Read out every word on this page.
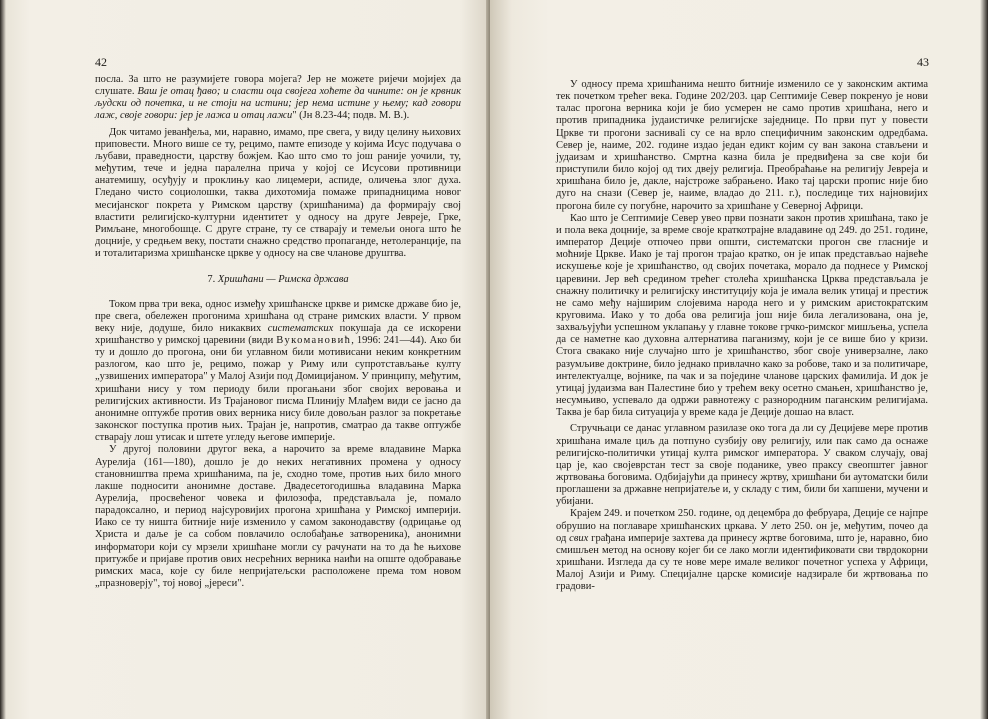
42

посла. За што не разумијете говора мојега? Јер не можете ријечи мојијех да слушате. Ваш је отац ђаво; и сласти оца својега хоћете да чините: он је крвник људски од почетка, и не стоји на истини; јер нема истине у њему; кад говори лаж, своје говори: јер је лажа и отац лажи" (Јн 8.23-44; подв. М. В.).

Док читамо јеванђеља, ми, наравно, имамо, пре свега, у виду целину њихових приповести. Много више се ту, рецимо, памте епизоде у којима Исус подучава о љубави, праведности, царству божјем. Као што смо то још раније уочили, ту, међутим, тече и једна паралелна прича у којој се Исусови противници анатемишу, осуђују и проклињу као лицемери, аспиде, оличења злог духа. Гледано чисто социолошки, таква дихотомија помаже припадницима новог месијанског покрета у Римском царству (хришћанима) да формирају свој властити религијско-културни идентитет у односу на друге Јевреје, Грке, Римљане, многобошце. С друге стране, ту се стварају и темељи онога што ће доцније, у средњем веку, постати снажно средство пропаганде, нетолеранције, па и тоталитаризма хришћанске цркве у односу на све чланове друштва.

7. Хришћани — Римска држава

Током прва три века, однос између хришћанске цркве и римске државе био је, пре свега, обележен прогонима хришћана од стране римских власти. У првом веку није, додуше, било никаквих систематских покушаја да се искорени хришћанство у римској царевини (види Вукомановић, 1996: 241—44). Ако би ту и дошло до прогона, они би углавном били мотивисани неким конкретним разлогом, као што је, рецимо, пожар у Риму или супротстављање култу „узвишених императора" у Малој Азији под Домицијаном. У принципу, међутим, хришћани нису у том периоду били прогањани због својих веровања и религијских активности. Из Трајановог писма Плинију Млађем види се јасно да анонимне оптужбе против ових верника нису биле довољан разлог за покретање законског поступка против њих. Трајан је, напротив, сматрао да такве оптужбе стварају лош утисак и штете угледу његове империје.

У другој половини другог века, а нарочито за време владавине Марка Аурелија (161—180), дошло је до неких негативних промена у односу становништва према хришћанима, па је, сходно томе, против њих било много лакше подносити анонимне доставе. Двадесетогодишња владавина Марка Аурелија, просвећеног човека и филозофа, представљала је, помало парадоксално, и период најсуровијих прогона хришћана у Римској империји. Иако се ту ништа битније није изменило у самом законодавству (одрицање од Христа и даље је са собом повлачило ослобађање затвореника), анонимни информатори који су мрзели хришћане могли су рачунати на то да ће њихове притужбе и пријаве против ових несрећних верника наићи на опште одобравање римских маса, које су биле непријатељски расположене према том новом „празноверју", тој новој „јереси".

43

У односу према хришћанима нешто битније изменило се у законским актима тек почетком трећег века. Године 202/203. цар Септимије Север покренуо је нови талас прогона верника који је био усмерен не само против хришћана, него и против припадника јудаистичке религијске заједнице. По први пут у повести Цркве ти прогони засниваli су се на врло специфичним законским одредбама. Север је, наиме, 202. године издао један едикт којим су ван закона стављени и јудаизам и хришћанство. Смртна казна била је предвиђена за све који би приступили било којој од тих двеју религија. Преобраћање на религију Јевреја и хришћана било је, дакле, најстроже забрањено. Иако тај царски пропис није био дуго на снази (Север је, наиме, владао до 211. г.), последице тих најновијих прогона биле су погубне, нарочито за хришћане у Северној Африци.

Као што је Септимије Север увео први познати закон против хришћана, тако је и пола века доцније, за време своје краткотрајне владавине од 249. до 251. године, император Деције отпочео први општи, систематски прогон све гласније и моћније Цркве. Иако је тај прогон трајао кратко, он је ипак представљао највеће искушење које је хришћанство, од својих почетака, морало да поднесе у Римској царевини. Јер већ средином трећег столећа хришћанска Црква представљала је снажну политичку и религијску институцију која је имала велик утицај и престиж не само међу најширим слојевима народа него и у римским аристократским круговима. Иако у то доба ова религија још није била легализована, она је, захваљујући успешном уклапању у главне токове грчко-римског мишљења, успела да се наметне као духовна алтернатива паганизму, који је се више био у кризи. Стога свакако није случајно што је хришћанство, због своје универзалне, лако разумљиве доктрине, било једнако привлачно како за робове, тако и за политичаре, интелектуалце, војнике, па чак и за поједине чланове царских фамилија. И док је утицај јудаизма ван Палестине био у трећем веку осетно смањен, хришћанство је, несумњиво, успевало да одржи равнотежу с разнородним паганским религијама. Таква је бар била ситуација у време када је Деције дошао на власт.

Стручњаци се данас углавном разилазе око тога да ли су Децијеве мере против хришћана имале циљ да потпуно сузбију ову религију, или пак само да оснаже религијско-политички утицај култа римског императора. У сваком случају, овај цар је, као својеврстан тест за своје поданике, увео праксу свеопштег јавног жртвовања боговима. Одбијајући да принесу жртву, хришћани би аутоматски били проглашени за државне непријатеље и, у складу с тим, били би хапшени, мучени и убијани.

Крајем 249. и почетком 250. године, од децембра до фебруара, Деције се најпре обрушио на поглаваре хришћанских цркава. У лето 250. он је, међутим, почео да од свих грађана империје захтева да принесу жртве боговима, што је, наравно, био смишљен метод на основу којег би се лако могли идентификовати сви тврдокорни хришћани. Изгледа да су те нове мере имале великог почетног успеха у Африци, Малој Азији и Риму. Специјалне царске комисије надзирале би жртвовања по градови-
